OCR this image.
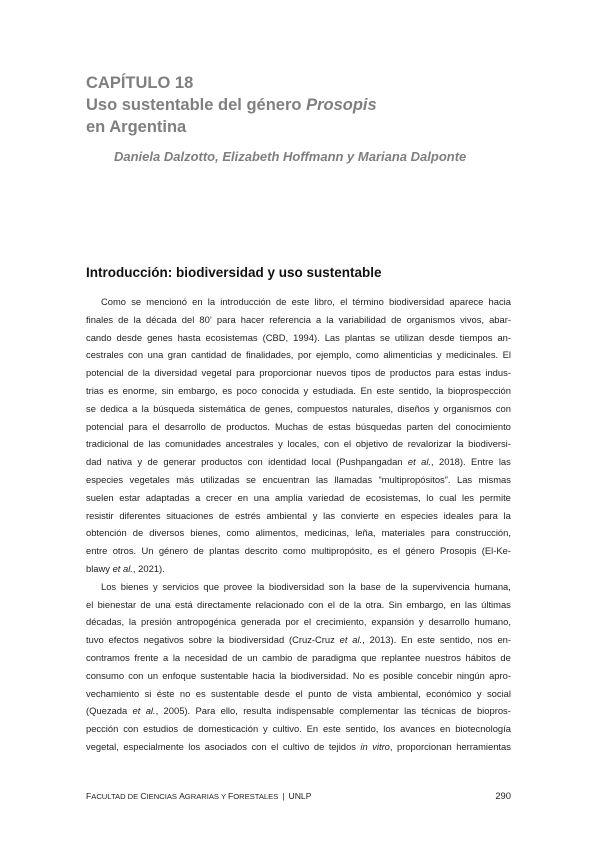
CAPÍTULO 18
Uso sustentable del género Prosopis
en Argentina
Daniela Dalzotto, Elizabeth Hoffmann y Mariana Dalponte
Introducción: biodiversidad y uso sustentable
Como se mencionó en la introducción de este libro, el término biodiversidad aparece hacia
finales de la década del 80’ para hacer referencia a la variabilidad de organismos vivos, abar-
cando desde genes hasta ecosistemas (CBD, 1994). Las plantas se utilizan desde tiempos an-
cestrales con una gran cantidad de finalidades, por ejemplo, como alimenticias y medicinales. El
potencial de la diversidad vegetal para proporcionar nuevos tipos de productos para estas indus-
trias es enorme, sin embargo, es poco conocida y estudiada. En este sentido, la bioprospección
se dedica a la búsqueda sistemática de genes, compuestos naturales, diseños y organismos con
potencial para el desarrollo de productos. Muchas de estas búsquedas parten del conocimiento
tradicional de las comunidades ancestrales y locales, con el objetivo de revalorizar la biodiversi-
dad nativa y de generar productos con identidad local (Pushpangadan et al., 2018). Entre las
especies vegetales más utilizadas se encuentran las llamadas “multipropósitos”. Las mismas
suelen estar adaptadas a crecer en una amplia variedad de ecosistemas, lo cual les permite
resistir diferentes situaciones de estrés ambiental y las convierte en especies ideales para la
obtención de diversos bienes, como alimentos, medicinas, leña, materiales para construcción,
entre otros. Un género de plantas descrito como multipropósito, es el género Prosopis (El-Ke-
blawy et al., 2021).
Los bienes y servicios que provee la biodiversidad son la base de la supervivencia humana,
el bienestar de una está directamente relacionado con el de la otra. Sin embargo, en las últimas
décadas, la presión antropogénica generada por el crecimiento, expansión y desarrollo humano,
tuvo efectos negativos sobre la biodiversidad (Cruz-Cruz et al., 2013). En este sentido, nos en-
contramos frente a la necesidad de un cambio de paradigma que replantee nuestros hábitos de
consumo con un enfoque sustentable hacia la biodiversidad. No es posible concebir ningún apro-
vechamiento si éste no es sustentable desde el punto de vista ambiental, económico y social
(Quezada et al., 2005). Para ello, resulta indispensable complementar las técnicas de biopros-
pección con estudios de domesticación y cultivo. En este sentido, los avances en biotecnología
vegetal, especialmente los asociados con el cultivo de tejidos in vitro, proporcionan herramientas
FACULTAD DE CIENCIAS AGRARIAS Y FORESTALES | UNLP	290
